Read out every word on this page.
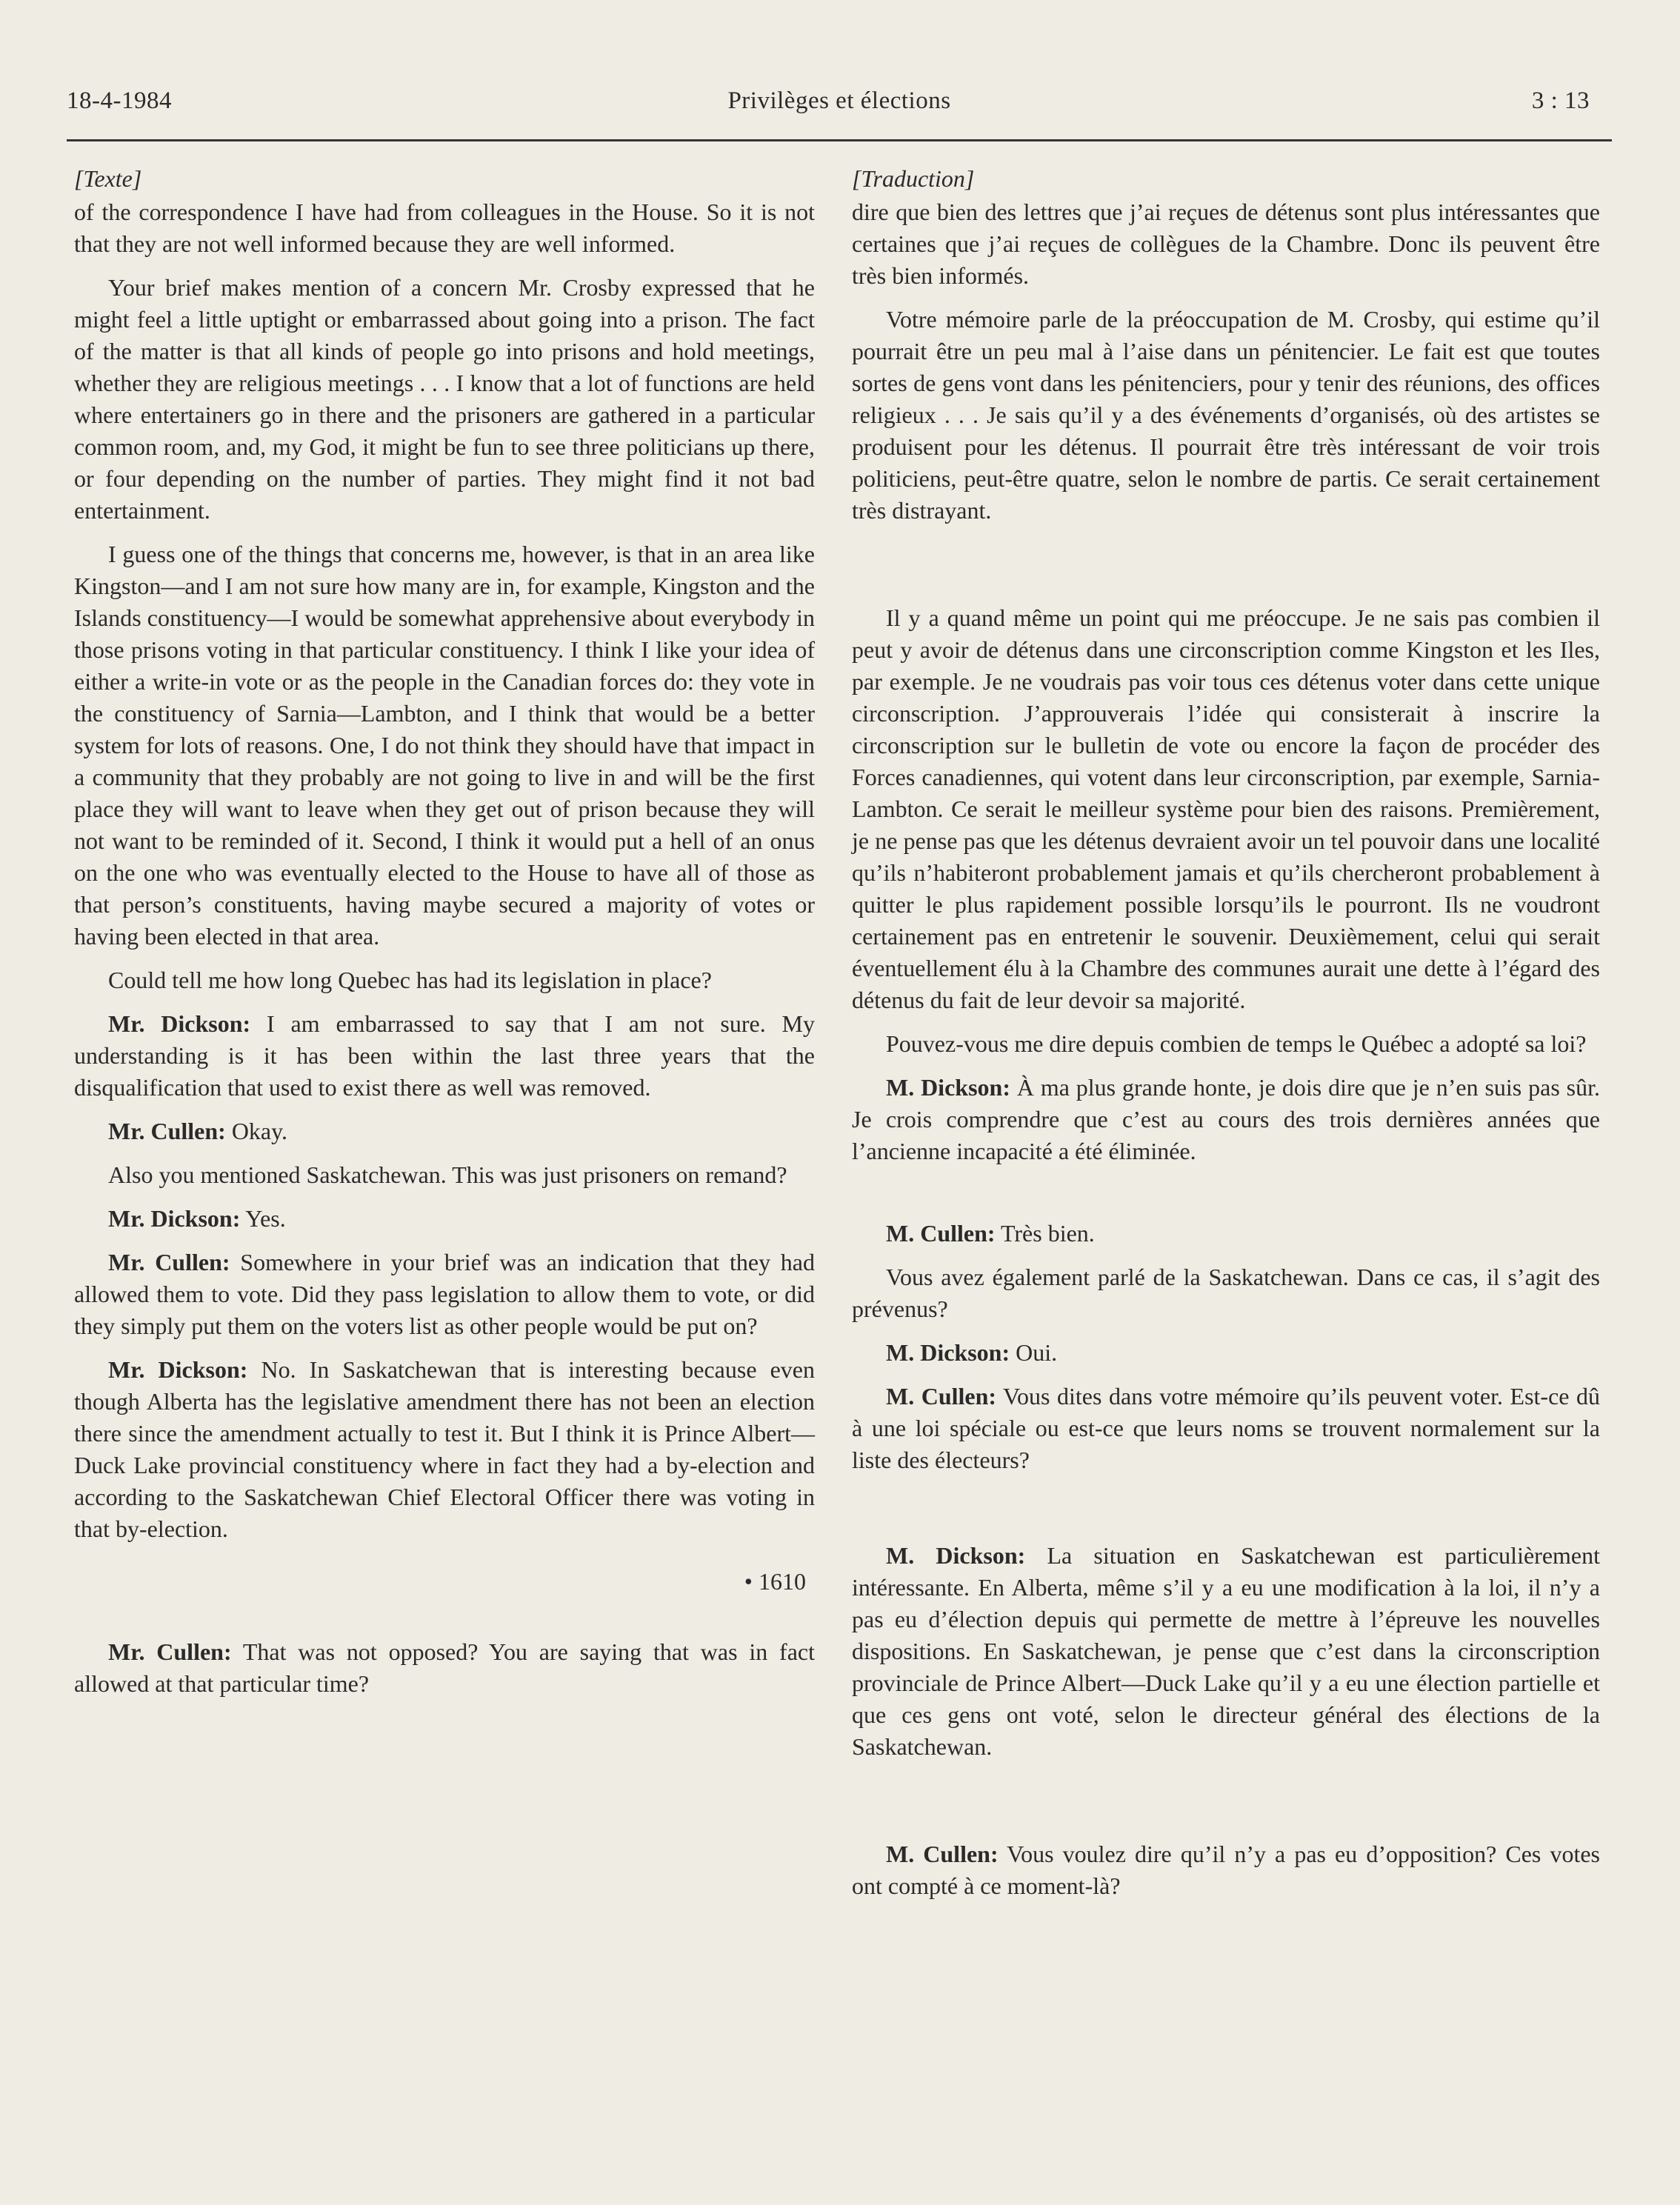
18-4-1984	Privilèges et élections	3 : 13

[Texte]

of the correspondence I have had from colleagues in the House. So it is not that they are not well informed because they are well informed.

Your brief makes mention of a concern Mr. Crosby expressed that he might feel a little uptight or embarrassed about going into a prison. The fact of the matter is that all kinds of people go into prisons and hold meetings, whether they are religious meetings . . . I know that a lot of functions are held where entertainers go in there and the prisoners are gathered in a particular common room, and, my God, it might be fun to see three politicians up there, or four depending on the number of parties. They might find it not bad entertainment.

I guess one of the things that concerns me, however, is that in an area like Kingston—and I am not sure how many are in, for example, Kingston and the Islands constituency—I would be somewhat apprehensive about everybody in those prisons voting in that particular constituency. I think I like your idea of either a write-in vote or as the people in the Canadian forces do: they vote in the constituency of Sarnia—Lambton, and I think that would be a better system for lots of reasons. One, I do not think they should have that impact in a community that they probably are not going to live in and will be the first place they will want to leave when they get out of prison because they will not want to be reminded of it. Second, I think it would put a hell of an onus on the one who was eventually elected to the House to have all of those as that person’s constituents, having maybe secured a majority of votes or having been elected in that area.

Could tell me how long Quebec has had its legislation in place?

Mr. Dickson: I am embarrassed to say that I am not sure. My understanding is it has been within the last three years that the disqualification that used to exist there as well was removed.

Mr. Cullen: Okay.

Also you mentioned Saskatchewan. This was just prisoners on remand?

Mr. Dickson: Yes.

Mr. Cullen: Somewhere in your brief was an indication that they had allowed them to vote. Did they pass legislation to allow them to vote, or did they simply put them on the voters list as other people would be put on?

Mr. Dickson: No. In Saskatchewan that is interesting because even though Alberta has the legislative amendment there has not been an election there since the amendment actually to test it. But I think it is Prince Albert—Duck Lake provincial constituency where in fact they had a by-election and according to the Saskatchewan Chief Electoral Officer there was voting in that by-election.

• 1610

Mr. Cullen: That was not opposed? You are saying that was in fact allowed at that particular time?

[Traduction]

dire que bien des lettres que j’ai reçues de détenus sont plus intéressantes que certaines que j’ai reçues de collègues de la Chambre. Donc ils peuvent être très bien informés.

Votre mémoire parle de la préoccupation de M. Crosby, qui estime qu’il pourrait être un peu mal à l’aise dans un pénitencier. Le fait est que toutes sortes de gens vont dans les pénitenciers, pour y tenir des réunions, des offices religieux . . . Je sais qu’il y a des événements d’organisés, où des artistes se produisent pour les détenus. Il pourrait être très intéressant de voir trois politiciens, peut-être quatre, selon le nombre de partis. Ce serait certainement très distrayant.

Il y a quand même un point qui me préoccupe. Je ne sais pas combien il peut y avoir de détenus dans une circonscription comme Kingston et les Iles, par exemple. Je ne voudrais pas voir tous ces détenus voter dans cette unique circonscription. J’approuverais l’idée qui consisterait à inscrire la circonscription sur le bulletin de vote ou encore la façon de procéder des Forces canadiennes, qui votent dans leur circonscription, par exemple, Sarnia-Lambton. Ce serait le meilleur système pour bien des raisons. Premièrement, je ne pense pas que les détenus devraient avoir un tel pouvoir dans une localité qu’ils n’habiteront probablement jamais et qu’ils chercheront probablement à quitter le plus rapidement possible lorsqu’ils le pourront. Ils ne voudront certainement pas en entretenir le souvenir. Deuxièmement, celui qui serait éventuellement élu à la Chambre des communes aurait une dette à l’égard des détenus du fait de leur devoir sa majorité.

Pouvez-vous me dire depuis combien de temps le Québec a adopté sa loi?

M. Dickson: À ma plus grande honte, je dois dire que je n’en suis pas sûr. Je crois comprendre que c’est au cours des trois dernières années que l’ancienne incapacité a été éliminée.

M. Cullen: Très bien.

Vous avez également parlé de la Saskatchewan. Dans ce cas, il s’agit des prévenus?

M. Dickson: Oui.

M. Cullen: Vous dites dans votre mémoire qu’ils peuvent voter. Est-ce dû à une loi spéciale ou est-ce que leurs noms se trouvent normalement sur la liste des électeurs?

M. Dickson: La situation en Saskatchewan est particulièrement intéressante. En Alberta, même s’il y a eu une modification à la loi, il n’y a pas eu d’élection depuis qui permette de mettre à l’épreuve les nouvelles dispositions. En Saskatchewan, je pense que c’est dans la circonscription provinciale de Prince Albert—Duck Lake qu’il y a eu une élection partielle et que ces gens ont voté, selon le directeur général des élections de la Saskatchewan.

M. Cullen: Vous voulez dire qu’il n’y a pas eu d’opposition? Ces votes ont compté à ce moment-là?
